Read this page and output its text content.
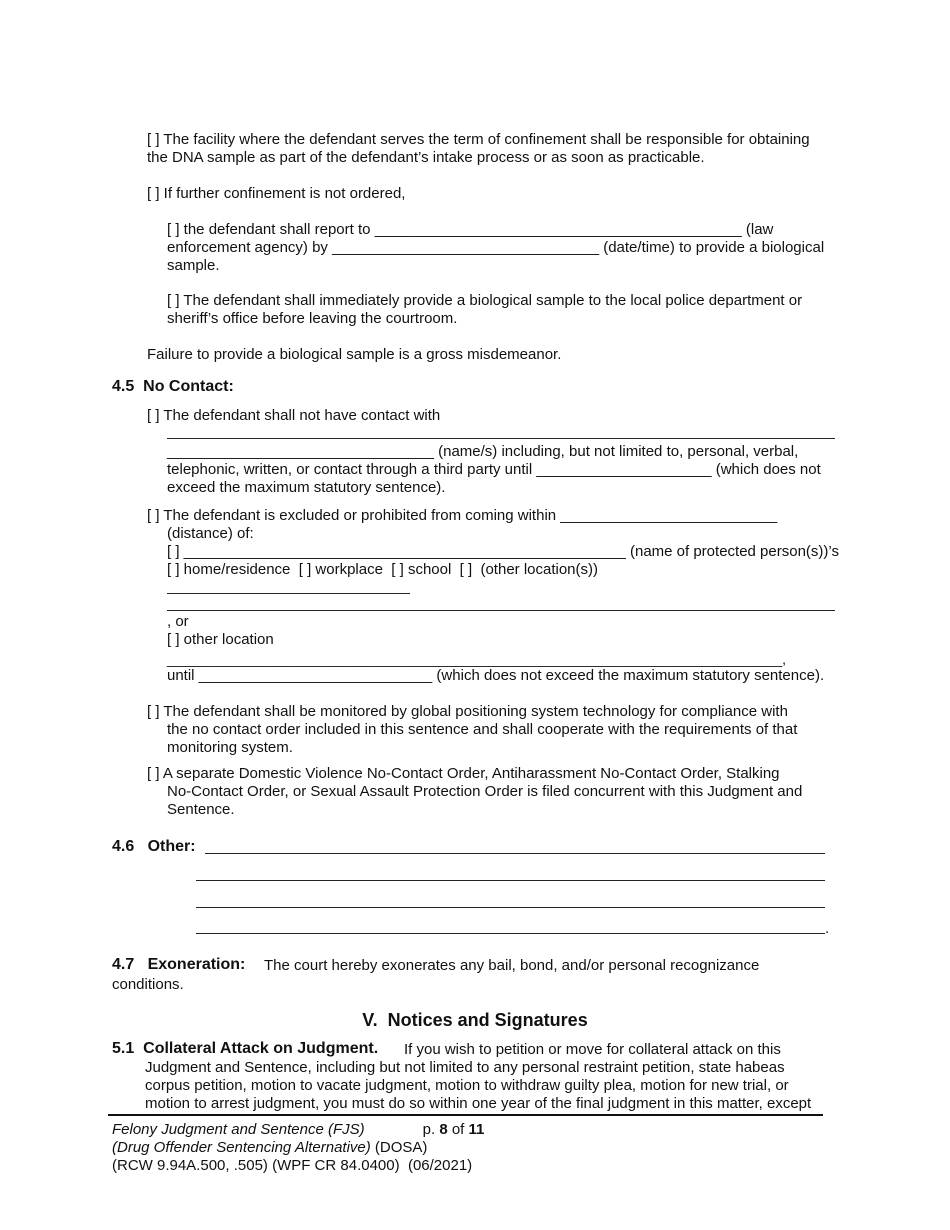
[ ] The facility where the defendant serves the term of confinement shall be responsible for obtaining
the DNA sample as part of the defendant’s intake process or as soon as practicable.
[ ] If further confinement is not ordered,
[ ] the defendant shall report to ____________________________________________ (law
enforcement agency) by ________________________________ (date/time) to provide a biological
sample.
[ ] The defendant shall immediately provide a biological sample to the local police department or
sheriff’s office before leaving the courtroom.
Failure to provide a biological sample is a gross misdemeanor.
4.5  No Contact:
[ ] The defendant shall not have contact with
________________________________ (name/s) including, but not limited to, personal, verbal,
telephonic, written, or contact through a third party until _____________________ (which does not
exceed the maximum statutory sentence).
[ ] The defendant is excluded or prohibited from coming within __________________________
(distance) of:
[ ] _____________________________________________________ (name of protected person(s))’s
[ ] home/residence  [ ] workplace  [ ] school  [ ]  (other location(s))
, or
[ ] other location
_______________________________________________________________________________,
until ____________________________ (which does not exceed the maximum statutory sentence).
[ ] The defendant shall be monitored by global positioning system technology for compliance with
the no contact order included in this sentence and shall cooperate with the requirements of that
monitoring system.
[ ] A separate Domestic Violence No-Contact Order, Antiharassment No-Contact Order, Stalking
No-Contact Order, or Sexual Assault Protection Order is filed concurrent with this Judgment and
Sentence.
4.6   Other:
.
4.7   Exoneration: The court hereby exonerates any bail, bond, and/or personal recognizance
conditions.
V.  Notices and Signatures
5.1  Collateral Attack on Judgment. If you wish to petition or move for collateral attack on this
Judgment and Sentence, including but not limited to any personal restraint petition, state habeas
corpus petition, motion to vacate judgment, motion to withdraw guilty plea, motion for new trial, or
motion to arrest judgment, you must do so within one year of the final judgment in this matter, except
Felony Judgment and Sentence (FJS)	p. 8 of 11
(Drug Offender Sentencing Alternative) (DOSA)
(RCW 9.94A.500, .505) (WPF CR 84.0400)  (06/2021)
